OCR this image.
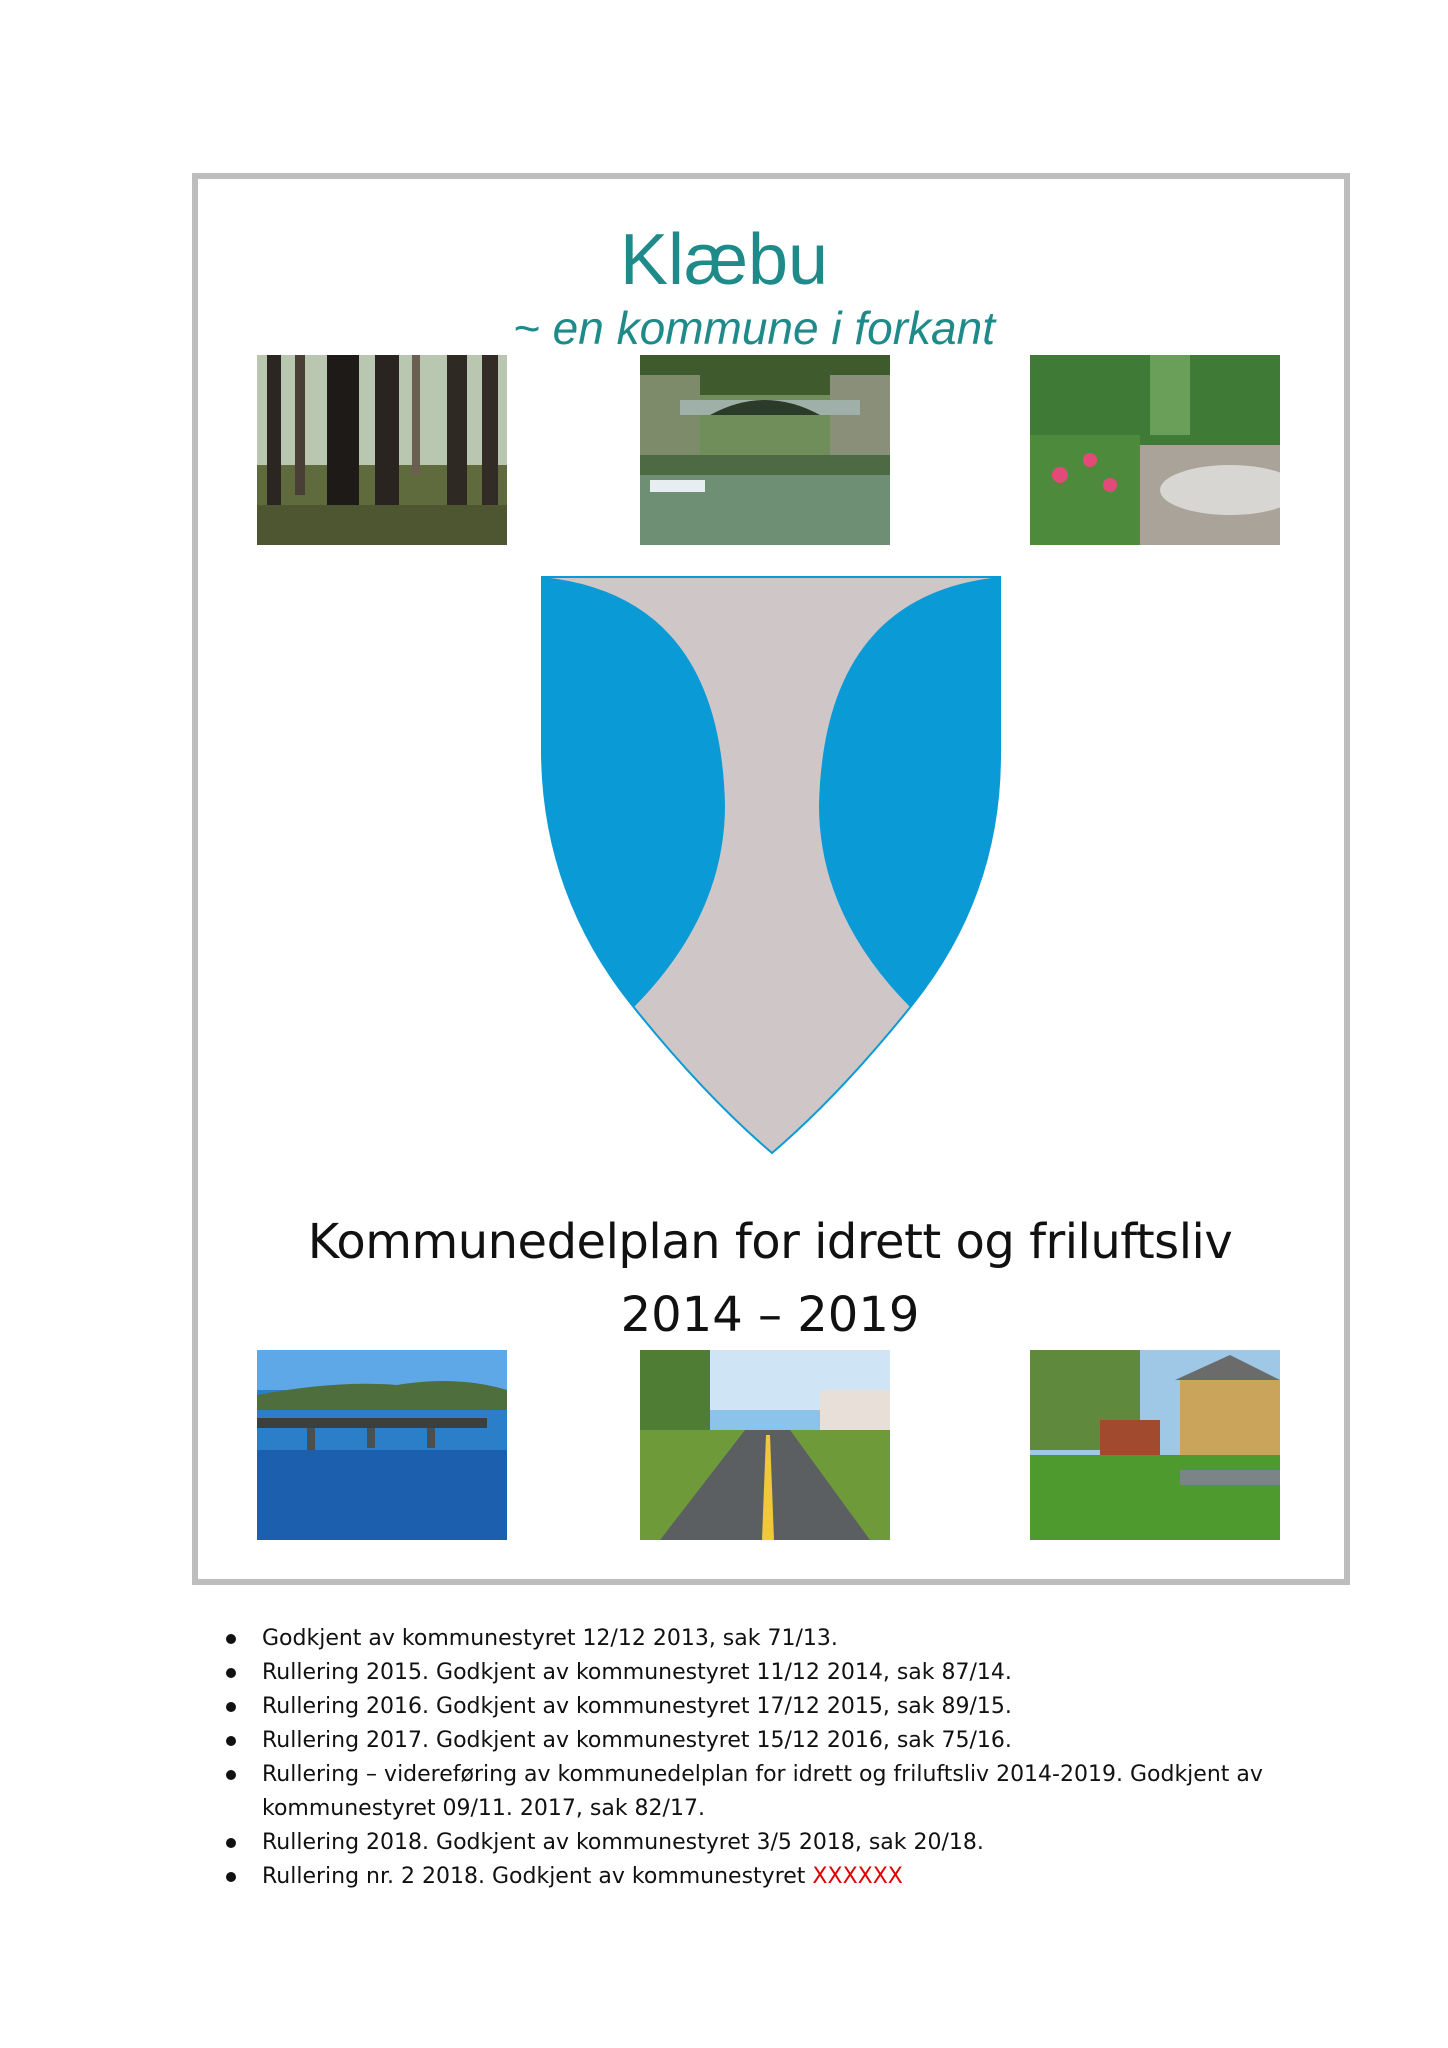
Klæbu
~ en kommune i forkant
Kommunedelplan for idrett og friluftsliv
2014 – 2019
Godkjent av kommunestyret 12/12 2013, sak 71/13.
Rullering 2015. Godkjent av kommunestyret 11/12 2014, sak 87/14.
Rullering 2016. Godkjent av kommunestyret 17/12 2015, sak 89/15.
Rullering 2017. Godkjent av kommunestyret 15/12 2016, sak 75/16.
Rullering – videreføring av kommunedelplan for idrett og friluftsliv 2014-2019. Godkjent av kommunestyret 09/11. 2017, sak 82/17.
Rullering 2018. Godkjent av kommunestyret 3/5 2018, sak 20/18.
Rullering nr. 2 2018. Godkjent av kommunestyret XXXXXX
